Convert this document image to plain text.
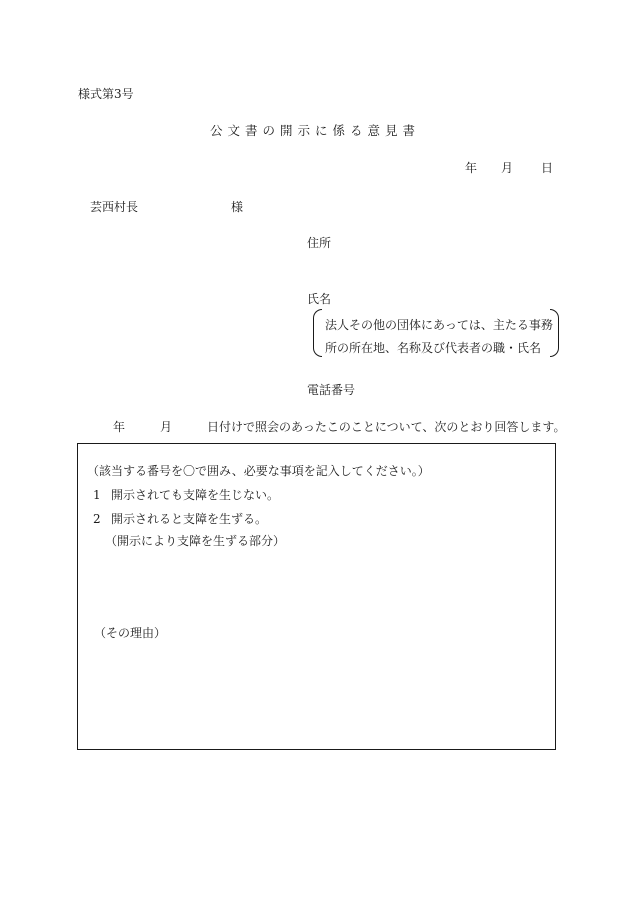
様式第3号
公文書の開示に係る意見書
年 月 日
芸西村長	様
住所
氏名
法人その他の団体にあっては、主たる事務所の所在地、名称及び代表者の職・氏名
電話番号
年	月	日付けで照会のあったこのことについて、次のとおり回答します。
（該当する番号を〇で囲み、必要な事項を記入してください。）
1 開示されても支障を生じない。
2 開示されると支障を生ずる。
（開示により支障を生ずる部分）
（その理由）
